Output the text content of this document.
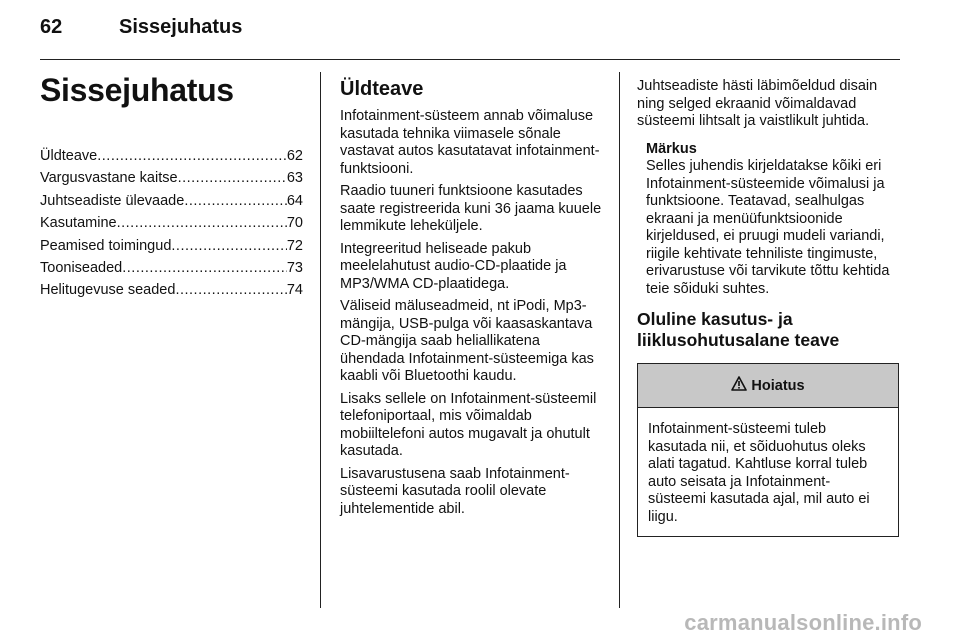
62	Sissejuhatus
Sissejuhatus
Üldteave .....	62
Vargusvastane kaitse .....	63
Juhtseadiste ülevaade .....	64
Kasutamine .....	70
Peamised toimingud .....	72
Tooniseaded .....	73
Helitugevuse seaded .....	74
Üldteave

Infotainment-süsteem annab võimaluse kasutada tehnika viimasele sõnale vastavat autos kasutatavat infotainment-funktsiooni.

Raadio tuuneri funktsioone kasutades saate registreerida kuni 36 jaama kuuele lemmikute leheküljele.

Integreeritud heliseade pakub meelelahutust audio-CD-plaatide ja MP3/WMA CD-plaatidega.

Väliseid mäluseadmeid, nt iPodi, Mp3-mängija, USB-pulga või kaasaskantava CD-mängija saab heliallikatena ühendada Infotainment-süsteemiga kas kaabli või Bluetoothi kaudu.

Lisaks sellele on Infotainment-süsteemil telefoniportaal, mis võimaldab mobiiltelefoni autos mugavalt ja ohutult kasutada.

Lisavarustusena saab Infotainment-süsteemi kasutada roolil olevate juhtelementide abil.

Juhtseadiste hästi läbimõeldud disain ning selged ekraanid võimaldavad süsteemi lihtsalt ja vaistlikult juhtida.

Märkus
Selles juhendis kirjeldatakse kõiki eri Infotainment-süsteemide võimalusi ja funktsioone. Teatavad, sealhulgas ekraani ja menüüfunktsioonide kirjeldused, ei pruugi mudeli variandi, riigile kehtivate tehniliste tingimuste, erivarustuse või tarvikute tõttu kehtida teie sõiduki suhtes.
Oluline kasutus- ja liiklusohutusalane teave
Hoiatus
Infotainment-süsteemi tuleb kasutada nii, et sõiduohutus oleks alati tagatud. Kahtluse korral tuleb auto seisata ja Infotainment-süsteemi kasutada ajal, mil auto ei liigu.
carmanualsonline.info
